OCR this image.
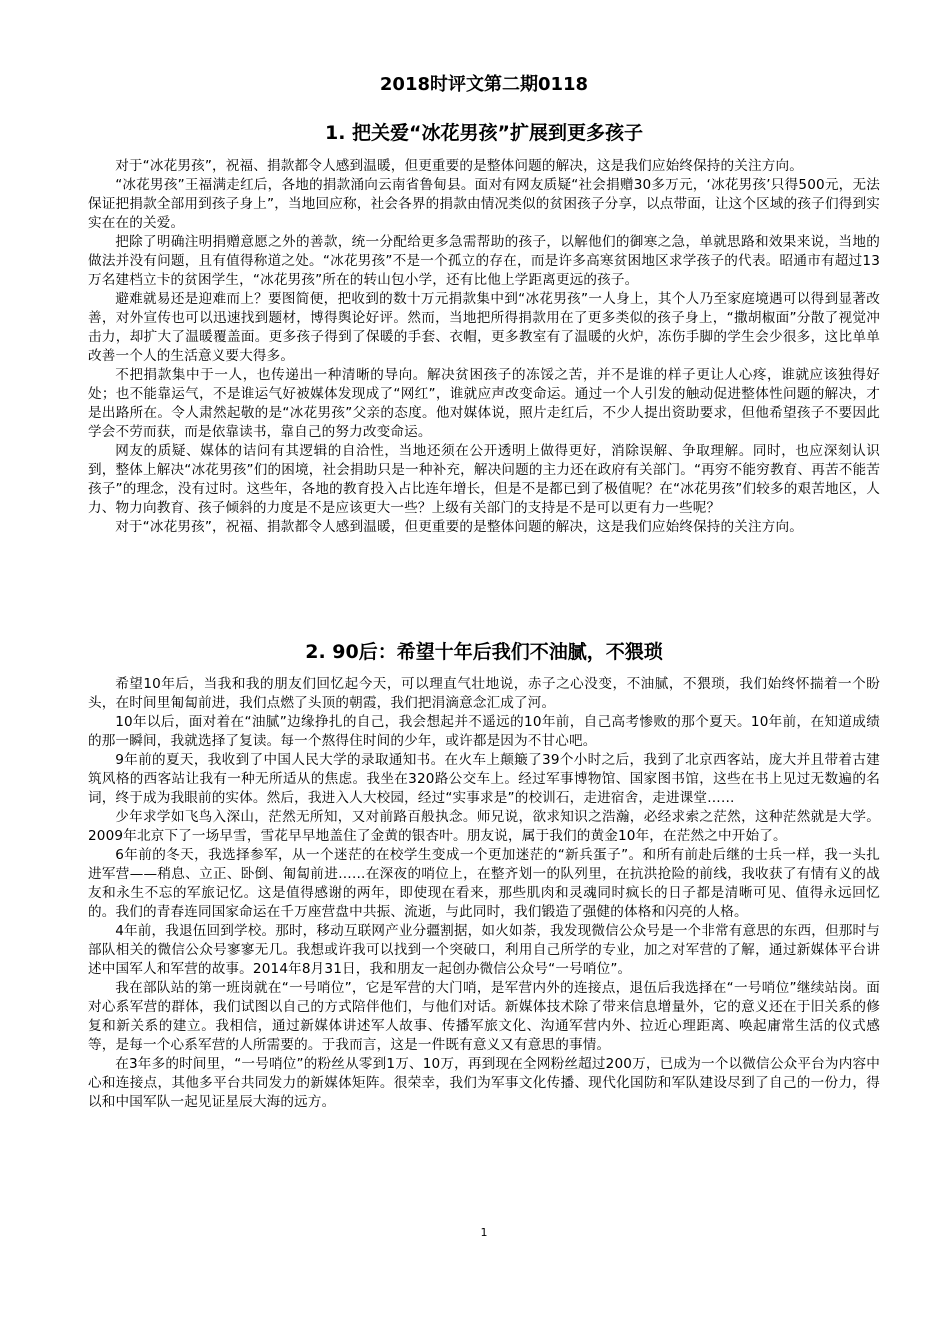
2018时评文第二期0118
1. 把关爱“冰花男孩”扩展到更多孩子

对于“冰花男孩”，祝福、捐款都令人感到温暖，但更重要的是整体问题的解决，这是我们应始终保持的关注方向。

“冰花男孩”王福满走红后，各地的捐款涌向云南省鲁甸县。面对有网友质疑“社会捐赠30多万元，‘冰花男孩’只得500元，无法保证把捐款全部用到孩子身上”，当地回应称，社会各界的捐款由情况类似的贫困孩子分享，以点带面，让这个区域的孩子们得到实实在在的关爱。

把除了明确注明捐赠意愿之外的善款，统一分配给更多急需帮助的孩子，以解他们的御寒之急，单就思路和效果来说，当地的做法并没有问题，且有值得称道之处。“冰花男孩”不是一个孤立的存在，而是许多高寒贫困地区求学孩子的代表。昭通市有超过13万名建档立卡的贫困学生，“冰花男孩”所在的转山包小学，还有比他上学距离更远的孩子。

避难就易还是迎难而上？要图简便，把收到的数十万元捐款集中到“冰花男孩”一人身上，其个人乃至家庭境遇可以得到显著改善，对外宣传也可以迅速找到题材，博得舆论好评。然而，当地把所得捐款用在了更多类似的孩子身上，“撒胡椒面”分散了视觉冲击力，却扩大了温暖覆盖面。更多孩子得到了保暖的手套、衣帽，更多教室有了温暖的火炉，冻伤手脚的学生会少很多，这比单单改善一个人的生活意义要大得多。

不把捐款集中于一人，也传递出一种清晰的导向。解决贫困孩子的冻馁之苦，并不是谁的样子更让人心疼，谁就应该独得好处；也不能靠运气，不是谁运气好被媒体发现成了“网红”，谁就应声改变命运。通过一个人引发的触动促进整体性问题的解决，才是出路所在。令人肃然起敬的是“冰花男孩”父亲的态度。他对媒体说，照片走红后，不少人提出资助要求，但他希望孩子不要因此学会不劳而获，而是依靠读书，靠自己的努力改变命运。

网友的质疑、媒体的诘问有其逻辑的自洽性，当地还须在公开透明上做得更好，消除误解、争取理解。同时，也应深刻认识到，整体上解决“冰花男孩”们的困境，社会捐助只是一种补充，解决问题的主力还在政府有关部门。“再穷不能穷教育、再苦不能苦孩子”的理念，没有过时。这些年，各地的教育投入占比连年增长，但是不是都已到了极值呢？在“冰花男孩”们较多的艰苦地区，人力、物力向教育、孩子倾斜的力度是不是应该更大一些？上级有关部门的支持是不是可以更有力一些呢？

对于“冰花男孩”，祝福、捐款都令人感到温暖，但更重要的是整体问题的解决，这是我们应始终保持的关注方向。

2. 90后：希望十年后我们不油腻，不猥琐

希望10年后，当我和我的朋友们回忆起今天，可以理直气壮地说，赤子之心没变，不油腻，不猥琐，我们始终怀揣着一个盼头，在时间里匍匐前进，我们点燃了头顶的朝霞，我们把涓滴意念汇成了河。

10年以后，面对着在“油腻”边缘挣扎的自己，我会想起并不遥远的10年前，自己高考惨败的那个夏天。10年前，在知道成绩的那一瞬间，我就选择了复读。每一个熬得住时间的少年，或许都是因为不甘心吧。

9年前的夏天，我收到了中国人民大学的录取通知书。在火车上颠簸了39个小时之后，我到了北京西客站，庞大并且带着古建筑风格的西客站让我有一种无所适从的焦虑。我坐在320路公交车上。经过军事博物馆、国家图书馆，这些在书上见过无数遍的名词，终于成为我眼前的实体。然后，我进入人大校园，经过“实事求是”的校训石，走进宿舍，走进课堂……

少年求学如飞鸟入深山，茫然无所知，又对前路百般执念。师兄说，欲求知识之浩瀚，必经求索之茫然，这种茫然就是大学。2009年北京下了一场早雪，雪花早早地盖住了金黄的银杏叶。朋友说，属于我们的黄金10年，在茫然之中开始了。

6年前的冬天，我选择参军，从一个迷茫的在校学生变成一个更加迷茫的“新兵蛋子”。和所有前赴后继的士兵一样，我一头扎进军营——稍息、立正、卧倒、匍匐前进……在深夜的哨位上，在整齐划一的队列里，在抗洪抢险的前线，我收获了有情有义的战友和永生不忘的军旅记忆。这是值得感谢的两年，即使现在看来，那些肌肉和灵魂同时疯长的日子都是清晰可见、值得永远回忆的。我们的青春连同国家命运在千万座营盘中共振、流逝，与此同时，我们锻造了强健的体格和闪亮的人格。

4年前，我退伍回到学校。那时，移动互联网产业分疆割据，如火如荼，我发现微信公众号是一个非常有意思的东西，但那时与部队相关的微信公众号寥寥无几。我想或许我可以找到一个突破口，利用自己所学的专业，加之对军营的了解，通过新媒体平台讲述中国军人和军营的故事。2014年8月31日，我和朋友一起创办微信公众号“一号哨位”。

我在部队站的第一班岗就在“一号哨位”，它是军营的大门哨，是军营内外的连接点，退伍后我选择在“一号哨位”继续站岗。面对心系军营的群体，我们试图以自己的方式陪伴他们，与他们对话。新媒体技术除了带来信息增量外，它的意义还在于旧关系的修复和新关系的建立。我相信，通过新媒体讲述军人故事、传播军旅文化、沟通军营内外、拉近心理距离、唤起庸常生活的仪式感等，是每一个心系军营的人所需要的。于我而言，这是一件既有意义又有意思的事情。

在3年多的时间里，“一号哨位”的粉丝从零到1万、10万，再到现在全网粉丝超过200万，已成为一个以微信公众平台为内容中心和连接点，其他多平台共同发力的新媒体矩阵。很荣幸，我们为军事文化传播、现代化国防和军队建设尽到了自己的一份力，得以和中国军队一起见证星辰大海的远方。

1
